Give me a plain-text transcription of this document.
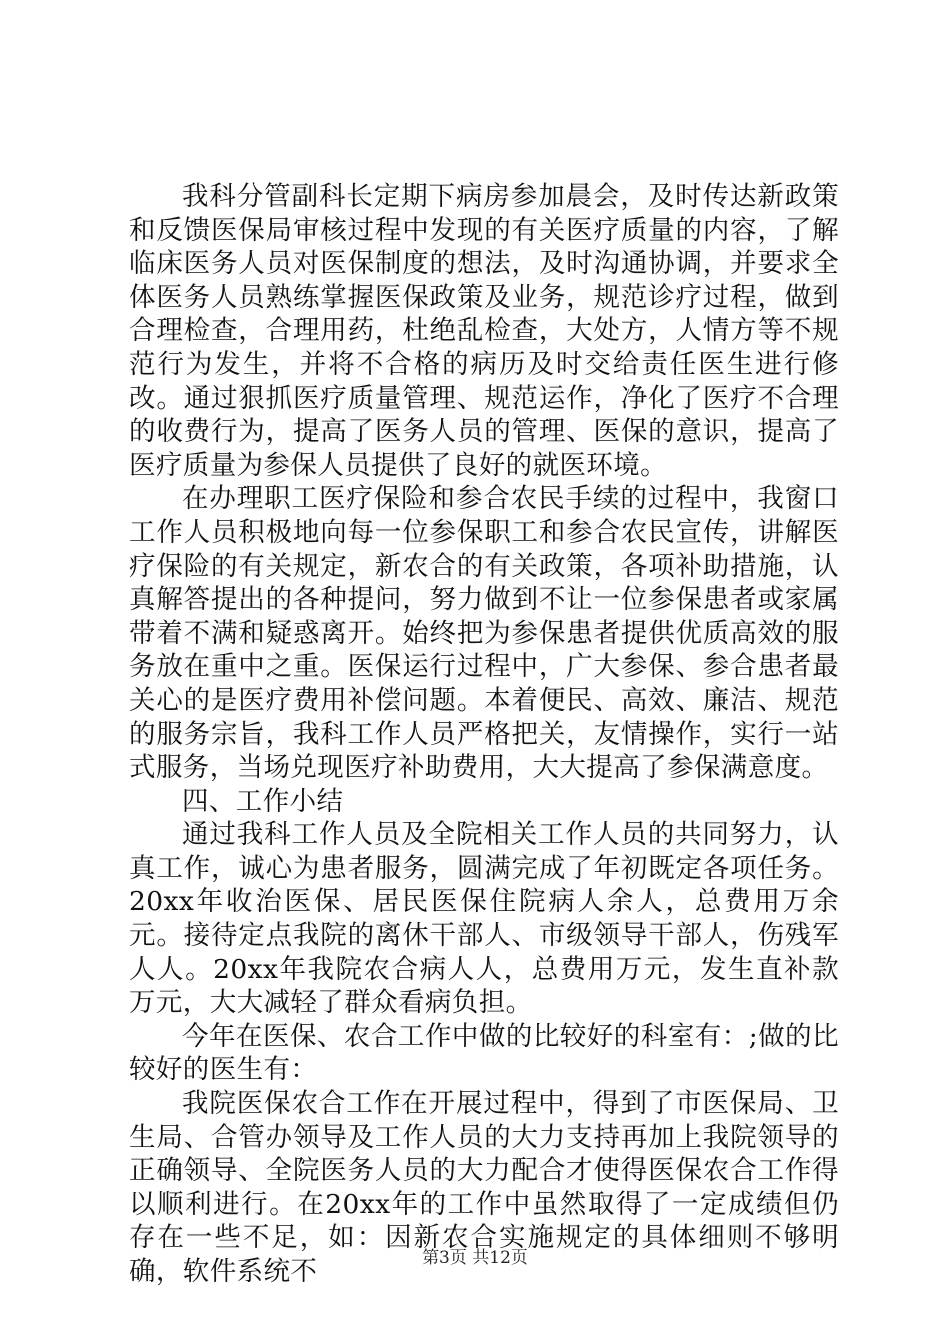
我科分管副科长定期下病房参加晨会，及时传达新政策和反馈医保局审核过程中发现的有关医疗质量的内容，了解临床医务人员对医保制度的想法，及时沟通协调，并要求全体医务人员熟练掌握医保政策及业务，规范诊疗过程，做到合理检查，合理用药，杜绝乱检查，大处方，人情方等不规范行为发生，并将不合格的病历及时交给责任医生进行修改。通过狠抓医疗质量管理、规范运作，净化了医疗不合理的收费行为，提高了医务人员的管理、医保的意识，提高了医疗质量为参保人员提供了良好的就医环境。

在办理职工医疗保险和参合农民手续的过程中，我窗口工作人员积极地向每一位参保职工和参合农民宣传，讲解医疗保险的有关规定，新农合的有关政策，各项补助措施，认真解答提出的各种提问，努力做到不让一位参保患者或家属带着不满和疑惑离开。始终把为参保患者提供优质高效的服务放在重中之重。医保运行过程中，广大参保、参合患者最关心的是医疗费用补偿问题。本着便民、高效、廉洁、规范的服务宗旨，我科工作人员严格把关，友情操作，实行一站式服务，当场兑现医疗补助费用，大大提高了参保满意度。

四、工作小结

通过我科工作人员及全院相关工作人员的共同努力，认真工作，诚心为患者服务，圆满完成了年初既定各项任务。20xx年收治医保、居民医保住院病人余人，总费用万余元。接待定点我院的离休干部人、市级领导干部人，伤残军人人。20xx年我院农合病人人，总费用万元，发生直补款万元，大大减轻了群众看病负担。

今年在医保、农合工作中做的比较好的科室有：;做的比较好的医生有：

我院医保农合工作在开展过程中，得到了市医保局、卫生局、合管办领导及工作人员的大力支持再加上我院领导的正确领导、全院医务人员的大力配合才使得医保农合工作得以顺利进行。在20xx年的工作中虽然取得了一定成绩但仍存在一些不足，如：因新农合实施规定的具体细则不够明确，软件系统不	第3页 共12页
